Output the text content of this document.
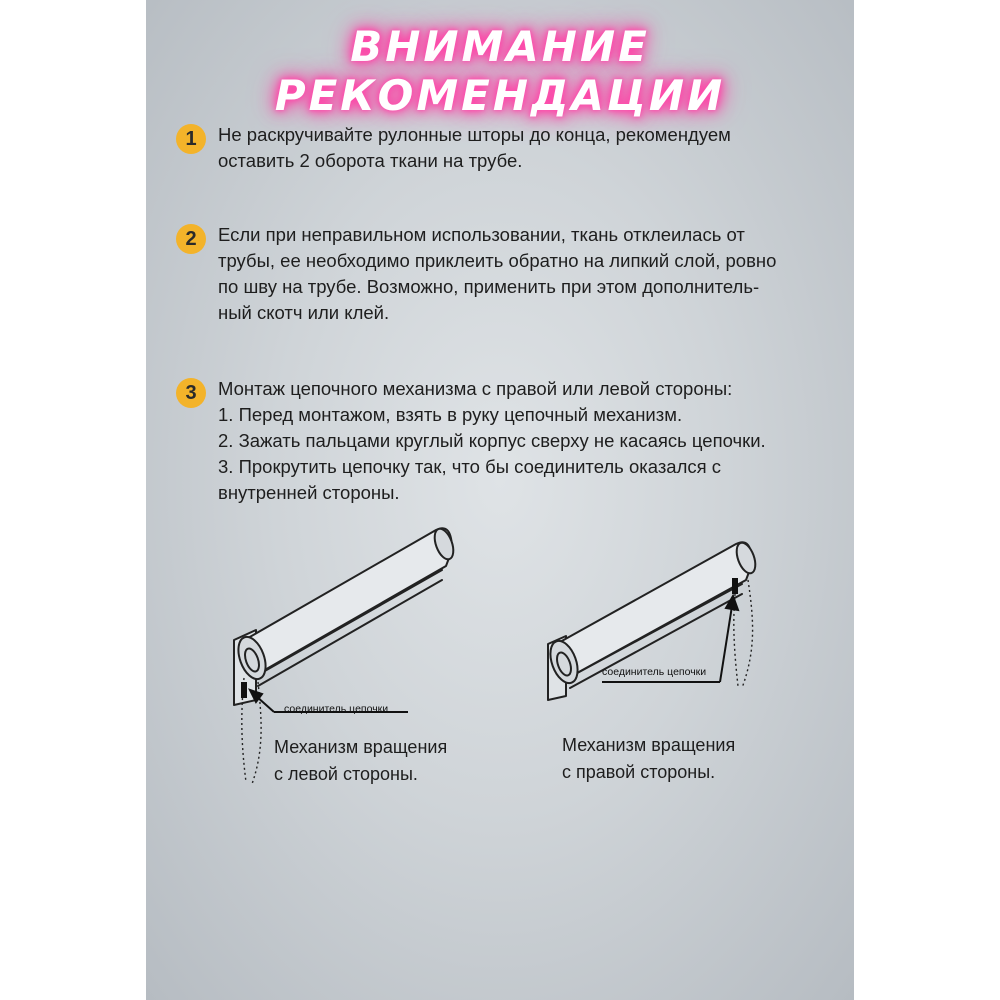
ВНИМАНИЕ РЕКОМЕНДАЦИИ
1	Не раскручивайте рулонные шторы до конца, рекомендуем
оставить 2 оборота ткани на трубе.
2	Если при неправильном использовании, ткань отклеилась от
трубы, ее необходимо приклеить обратно на липкий слой, ровно
по шву на трубе. Возможно, применить при этом дополнитель-
ный скотч или клей.
3	Монтаж цепочного механизма с правой или левой стороны:
1. Перед монтажом, взять в руку цепочный механизм.
2. Зажать пальцами круглый корпус сверху не касаясь цепочки.
3. Прокрутить цепочку так, что бы соединитель оказался с
внутренней стороны.
соединитель цепочки
Механизм вращения
с левой стороны.
соединитель цепочки
Механизм вращения
с правой стороны.
